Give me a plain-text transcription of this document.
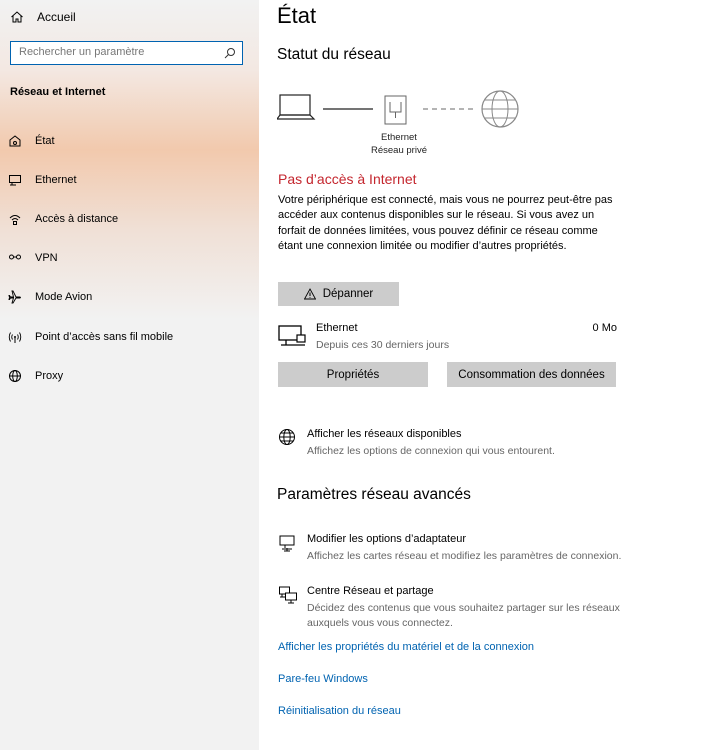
Accueil
Rechercher un paramètre
Réseau et Internet
État
Ethernet
Accès à distance
VPN
Mode Avion
Point d’accès sans fil mobile
Proxy
État
Statut du réseau
Ethernet
Réseau privé
Pas d’accès à Internet
Votre périphérique est connecté, mais vous ne pourrez peut-être pas accéder aux contenus disponibles sur le réseau. Si vous avez un forfait de données limitées, vous pouvez définir ce réseau comme étant une connexion limitée ou modifier d’autres propriétés.
Dépanner
Ethernet
Depuis ces 30 derniers jours
0 Mo
Propriétés	Consommation des données
Afficher les réseaux disponibles
Affichez les options de connexion qui vous entourent.
Paramètres réseau avancés
Modifier les options d’adaptateur
Affichez les cartes réseau et modifiez les paramètres de connexion.
Centre Réseau et partage
Décidez des contenus que vous souhaitez partager sur les réseaux auxquels vous vous connectez.
Afficher les propriétés du matériel et de la connexion
Pare-feu Windows
Réinitialisation du réseau
